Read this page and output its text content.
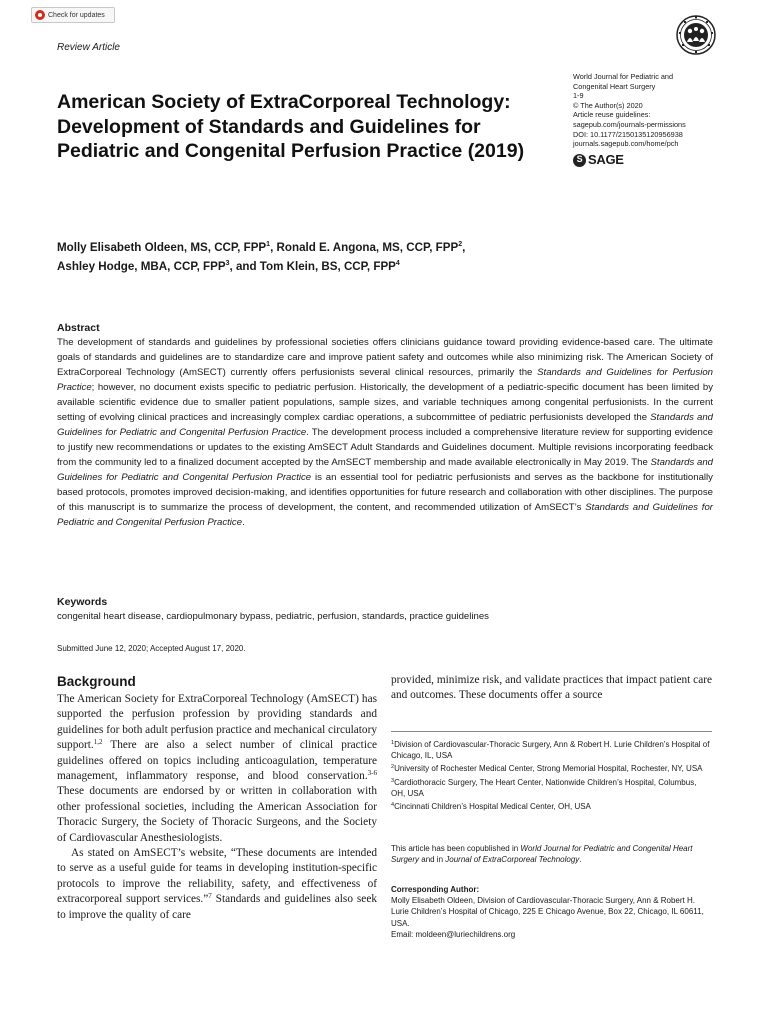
Check for updates
Review Article
American Society of ExtraCorporeal Technology: Development of Standards and Guidelines for Pediatric and Congenital Perfusion Practice (2019)
World Journal for Pediatric and
Congenital Heart Surgery
1-9
© The Author(s) 2020
Article reuse guidelines:
sagepub.com/journals-permissions
DOI: 10.1177/2150135120956938
journals.sagepub.com/home/pch
S SAGE
Molly Elisabeth Oldeen, MS, CCP, FPP$^1$, Ronald E. Angona, MS, CCP, FPP$^2$,
Ashley Hodge, MBA, CCP, FPP$^3$, and Tom Klein, BS, CCP, FPP$^4$
Abstract

The development of standards and guidelines by professional societies offers clinicians guidance toward providing evidence-based care. The ultimate goals of standards and guidelines are to standardize care and improve patient safety and outcomes while also minimizing risk. The American Society of ExtraCorporeal Technology (AmSECT) currently offers perfusionists several clinical resources, primarily the Standards and Guidelines for Perfusion Practice; however, no document exists specific to pediatric perfusion. Historically, the development of a pediatric-specific document has been limited by available scientific evidence due to smaller patient populations, sample sizes, and variable techniques among congenital perfusionists. In the current setting of evolving clinical practices and increasingly complex cardiac operations, a subcommittee of pediatric perfusionists developed the Standards and Guidelines for Pediatric and Congenital Perfusion Practice. The development process included a comprehensive literature review for supporting evidence to justify new recommendations or updates to the existing AmSECT Adult Standards and Guidelines document. Multiple revisions incorporating feedback from the community led to a finalized document accepted by the AmSECT membership and made available electronically in May 2019. The Standards and Guidelines for Pediatric and Congenital Perfusion Practice is an essential tool for pediatric perfusionists and serves as the backbone for institutionally based protocols, promotes improved decision-making, and identifies opportunities for future research and collaboration with other disciplines. The purpose of this manuscript is to summarize the process of development, the content, and recommended utilization of AmSECT’s Standards and Guidelines for Pediatric and Congenital Perfusion Practice.

Keywords
congenital heart disease, cardiopulmonary bypass, pediatric, perfusion, standards, practice guidelines
Submitted June 12, 2020; Accepted August 17, 2020.
Background

The American Society for ExtraCorporeal Technology (AmSECT) has supported the perfusion profession by providing standards and guidelines for both adult perfusion practice and mechanical circulatory support.$^{1,2}$ There are also a select number of clinical practice guidelines offered on topics including anticoagulation, temperature management, inflammatory response, and blood conservation.$^{3-6}$ These documents are endorsed by or written in collaboration with other professional societies, including the American Association for Thoracic Surgery, the Society of Thoracic Surgeons, and the Society of Cardiovascular Anesthesiologists.

As stated on AmSECT’s website, “These documents are intended to serve as a useful guide for teams in developing institution-specific protocols to improve the reliability, safety, and effectiveness of extracorporeal support services.”$^7$ Standards and guidelines also seek to improve the quality of care

provided, minimize risk, and validate practices that impact patient care and outcomes. These documents offer a source

$^1$Division of Cardiovascular-Thoracic Surgery, Ann & Robert H. Lurie Children’s Hospital of Chicago, IL, USA
$^2$University of Rochester Medical Center, Strong Memorial Hospital, Rochester, NY, USA
$^3$Cardiothoracic Surgery, The Heart Center, Nationwide Children’s Hospital, Columbus, OH, USA
$^4$Cincinnati Children’s Hospital Medical Center, OH, USA
This article has been copublished in World Journal for Pediatric and Congenital Heart Surgery and in Journal of ExtraCorporeal Technology.
Corresponding Author:
Molly Elisabeth Oldeen, Division of Cardiovascular-Thoracic Surgery, Ann & Robert H. Lurie Children’s Hospital of Chicago, 225 E Chicago Avenue, Box 22, Chicago, IL 60611, USA.
Email: moldeen@luriechildrens.org
